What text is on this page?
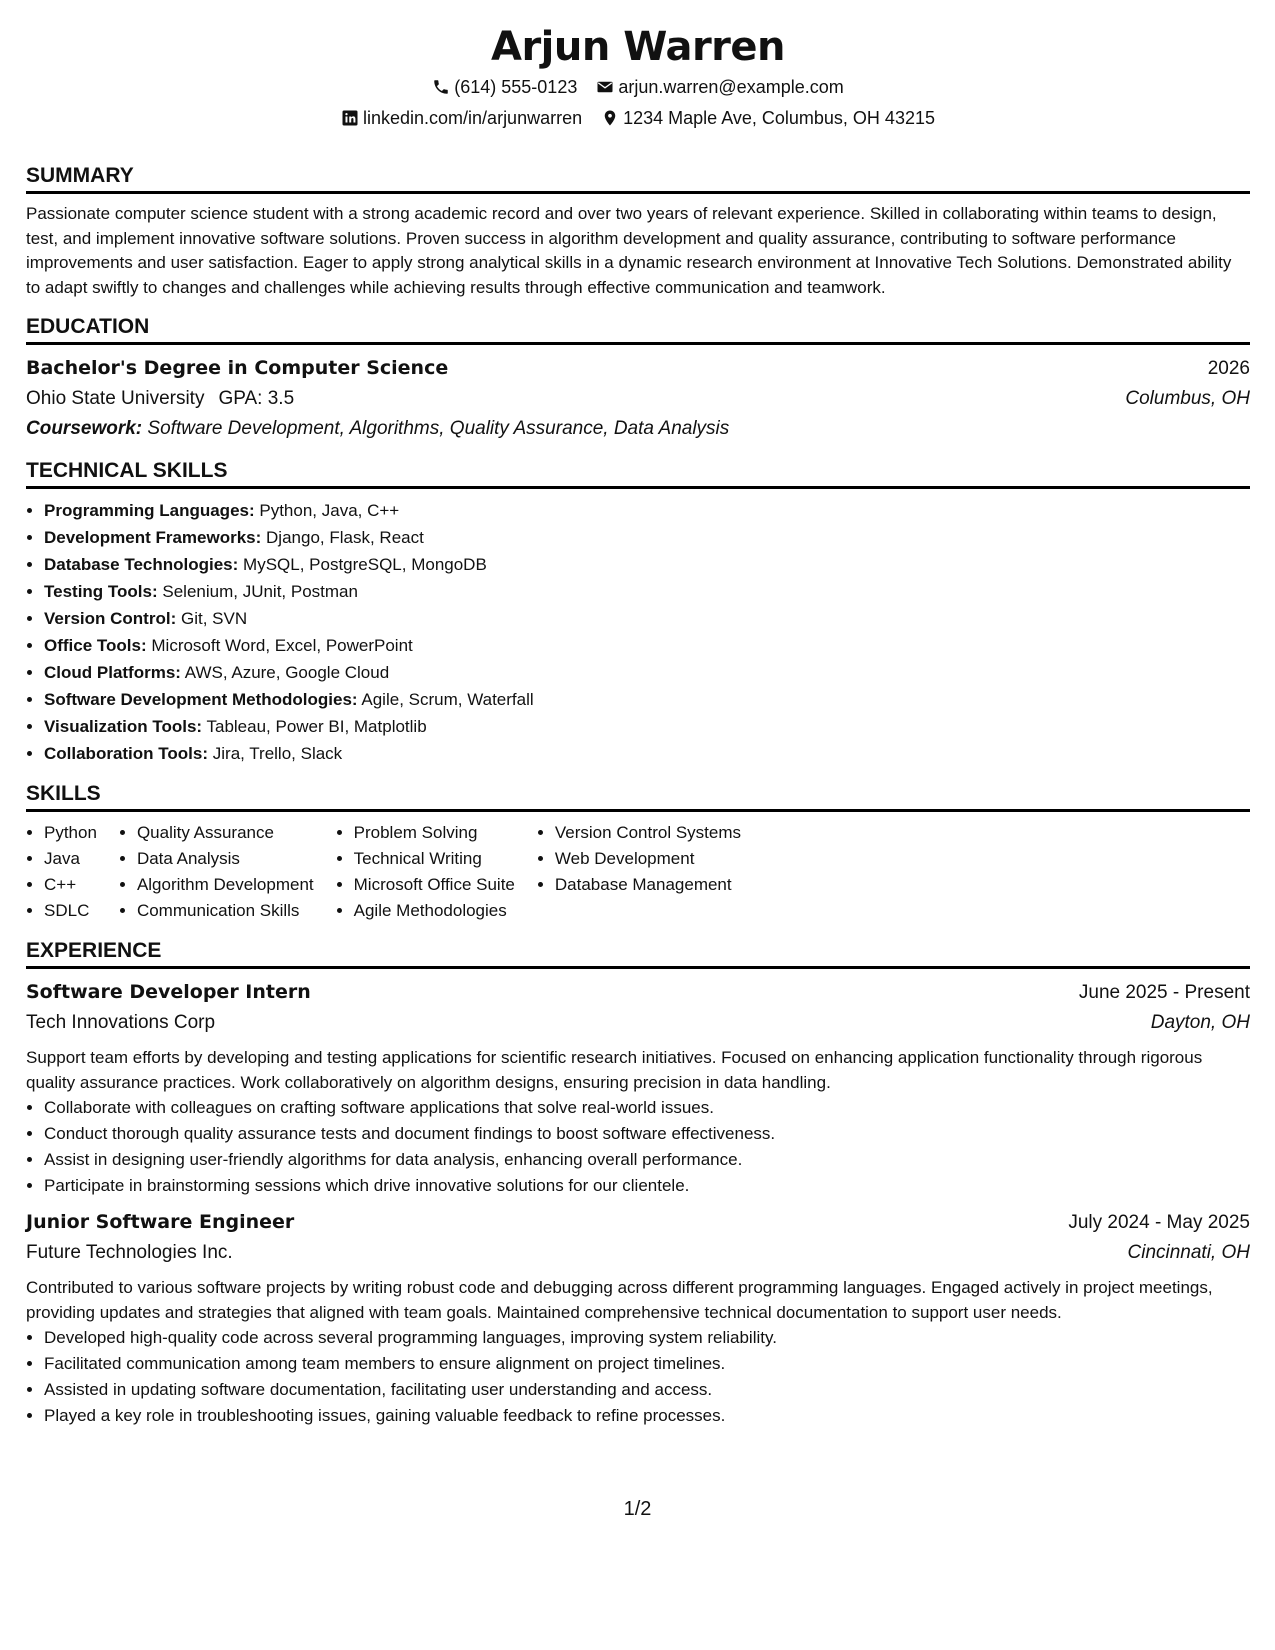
Arjun Warren
(614) 555-0123
arjun.warren@example.com
linkedin.com/in/arjunwarren
1234 Maple Ave, Columbus, OH 43215
SUMMARY

Passionate computer science student with a strong academic record and over two years of relevant experience. Skilled in collaborating within teams to design, test, and implement innovative software solutions. Proven success in algorithm development and quality assurance, contributing to software performance improvements and user satisfaction. Eager to apply strong analytical skills in a dynamic research environment at Innovative Tech Solutions. Demonstrated ability to adapt swiftly to changes and challenges while achieving results through effective communication and teamwork.

EDUCATION
Bachelor's Degree in Computer Science	2026
Ohio State University GPA: 3.5	Columbus, OH
Coursework: Software Development, Algorithms, Quality Assurance, Data Analysis
TECHNICAL SKILLS
• Programming Languages: Python, Java, C++
• Development Frameworks: Django, Flask, React
• Database Technologies: MySQL, PostgreSQL, MongoDB
• Testing Tools: Selenium, JUnit, Postman
• Version Control: Git, SVN
• Office Tools: Microsoft Word, Excel, PowerPoint
• Cloud Platforms: AWS, Azure, Google Cloud
• Software Development Methodologies: Agile, Scrum, Waterfall
• Visualization Tools: Tableau, Power BI, Matplotlib
• Collaboration Tools: Jira, Trello, Slack
SKILLS
• Python
• Java
• C++
• SDLC
• Quality Assurance
• Data Analysis
• Algorithm Development
• Communication Skills
• Problem Solving
• Technical Writing
• Microsoft Office Suite
• Agile Methodologies
• Version Control Systems
• Web Development
• Database Management
EXPERIENCE
Software Developer Intern	June 2025 - Present
Tech Innovations Corp	Dayton, OH

Support team efforts by developing and testing applications for scientific research initiatives. Focused on enhancing application functionality through rigorous quality assurance practices. Work collaboratively on algorithm designs, ensuring precision in data handling.

• Collaborate with colleagues on crafting software applications that solve real-world issues.
• Conduct thorough quality assurance tests and document findings to boost software effectiveness.
• Assist in designing user-friendly algorithms for data analysis, enhancing overall performance.
• Participate in brainstorming sessions which drive innovative solutions for our clientele.
Junior Software Engineer	July 2024 - May 2025
Future Technologies Inc.	Cincinnati, OH

Contributed to various software projects by writing robust code and debugging across different programming languages. Engaged actively in project meetings, providing updates and strategies that aligned with team goals. Maintained comprehensive technical documentation to support user needs.

• Developed high-quality code across several programming languages, improving system reliability.
• Facilitated communication among team members to ensure alignment on project timelines.
• Assisted in updating software documentation, facilitating user understanding and access.
• Played a key role in troubleshooting issues, gaining valuable feedback to refine processes.
1/2
